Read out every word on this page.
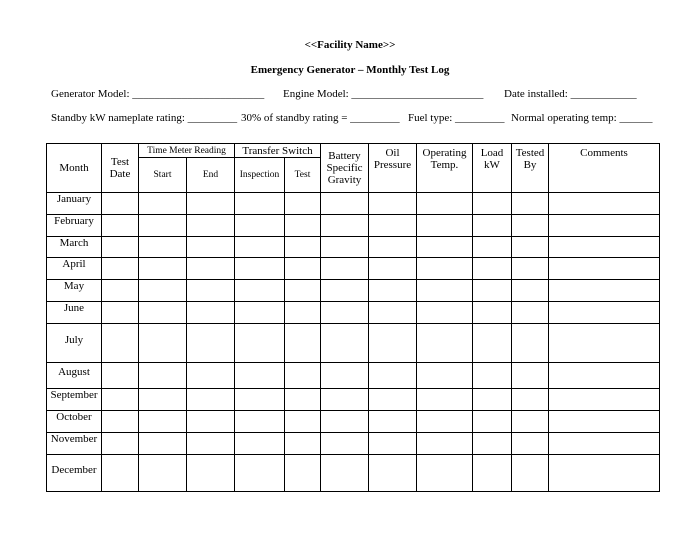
<<Facility Name>>
Emergency Generator – Monthly Test Log
Generator Model: ________________________ Engine Model: ________________________ Date installed: ____________
Standby kW nameplate rating: _________ 30% of standby rating = _________ Fuel type: _________ Normal operating temp: ______
Month	Test Date	Time Meter Reading		Transfer Switch		Battery Specific Gravity	Oil Pressure	Operating Temp.	Load kW	Tested By	Comments
		Start	End	Inspection	Test						
January											
February											
March											
April											
May											
June											
July											
August											
September											
October											
November											
December											
